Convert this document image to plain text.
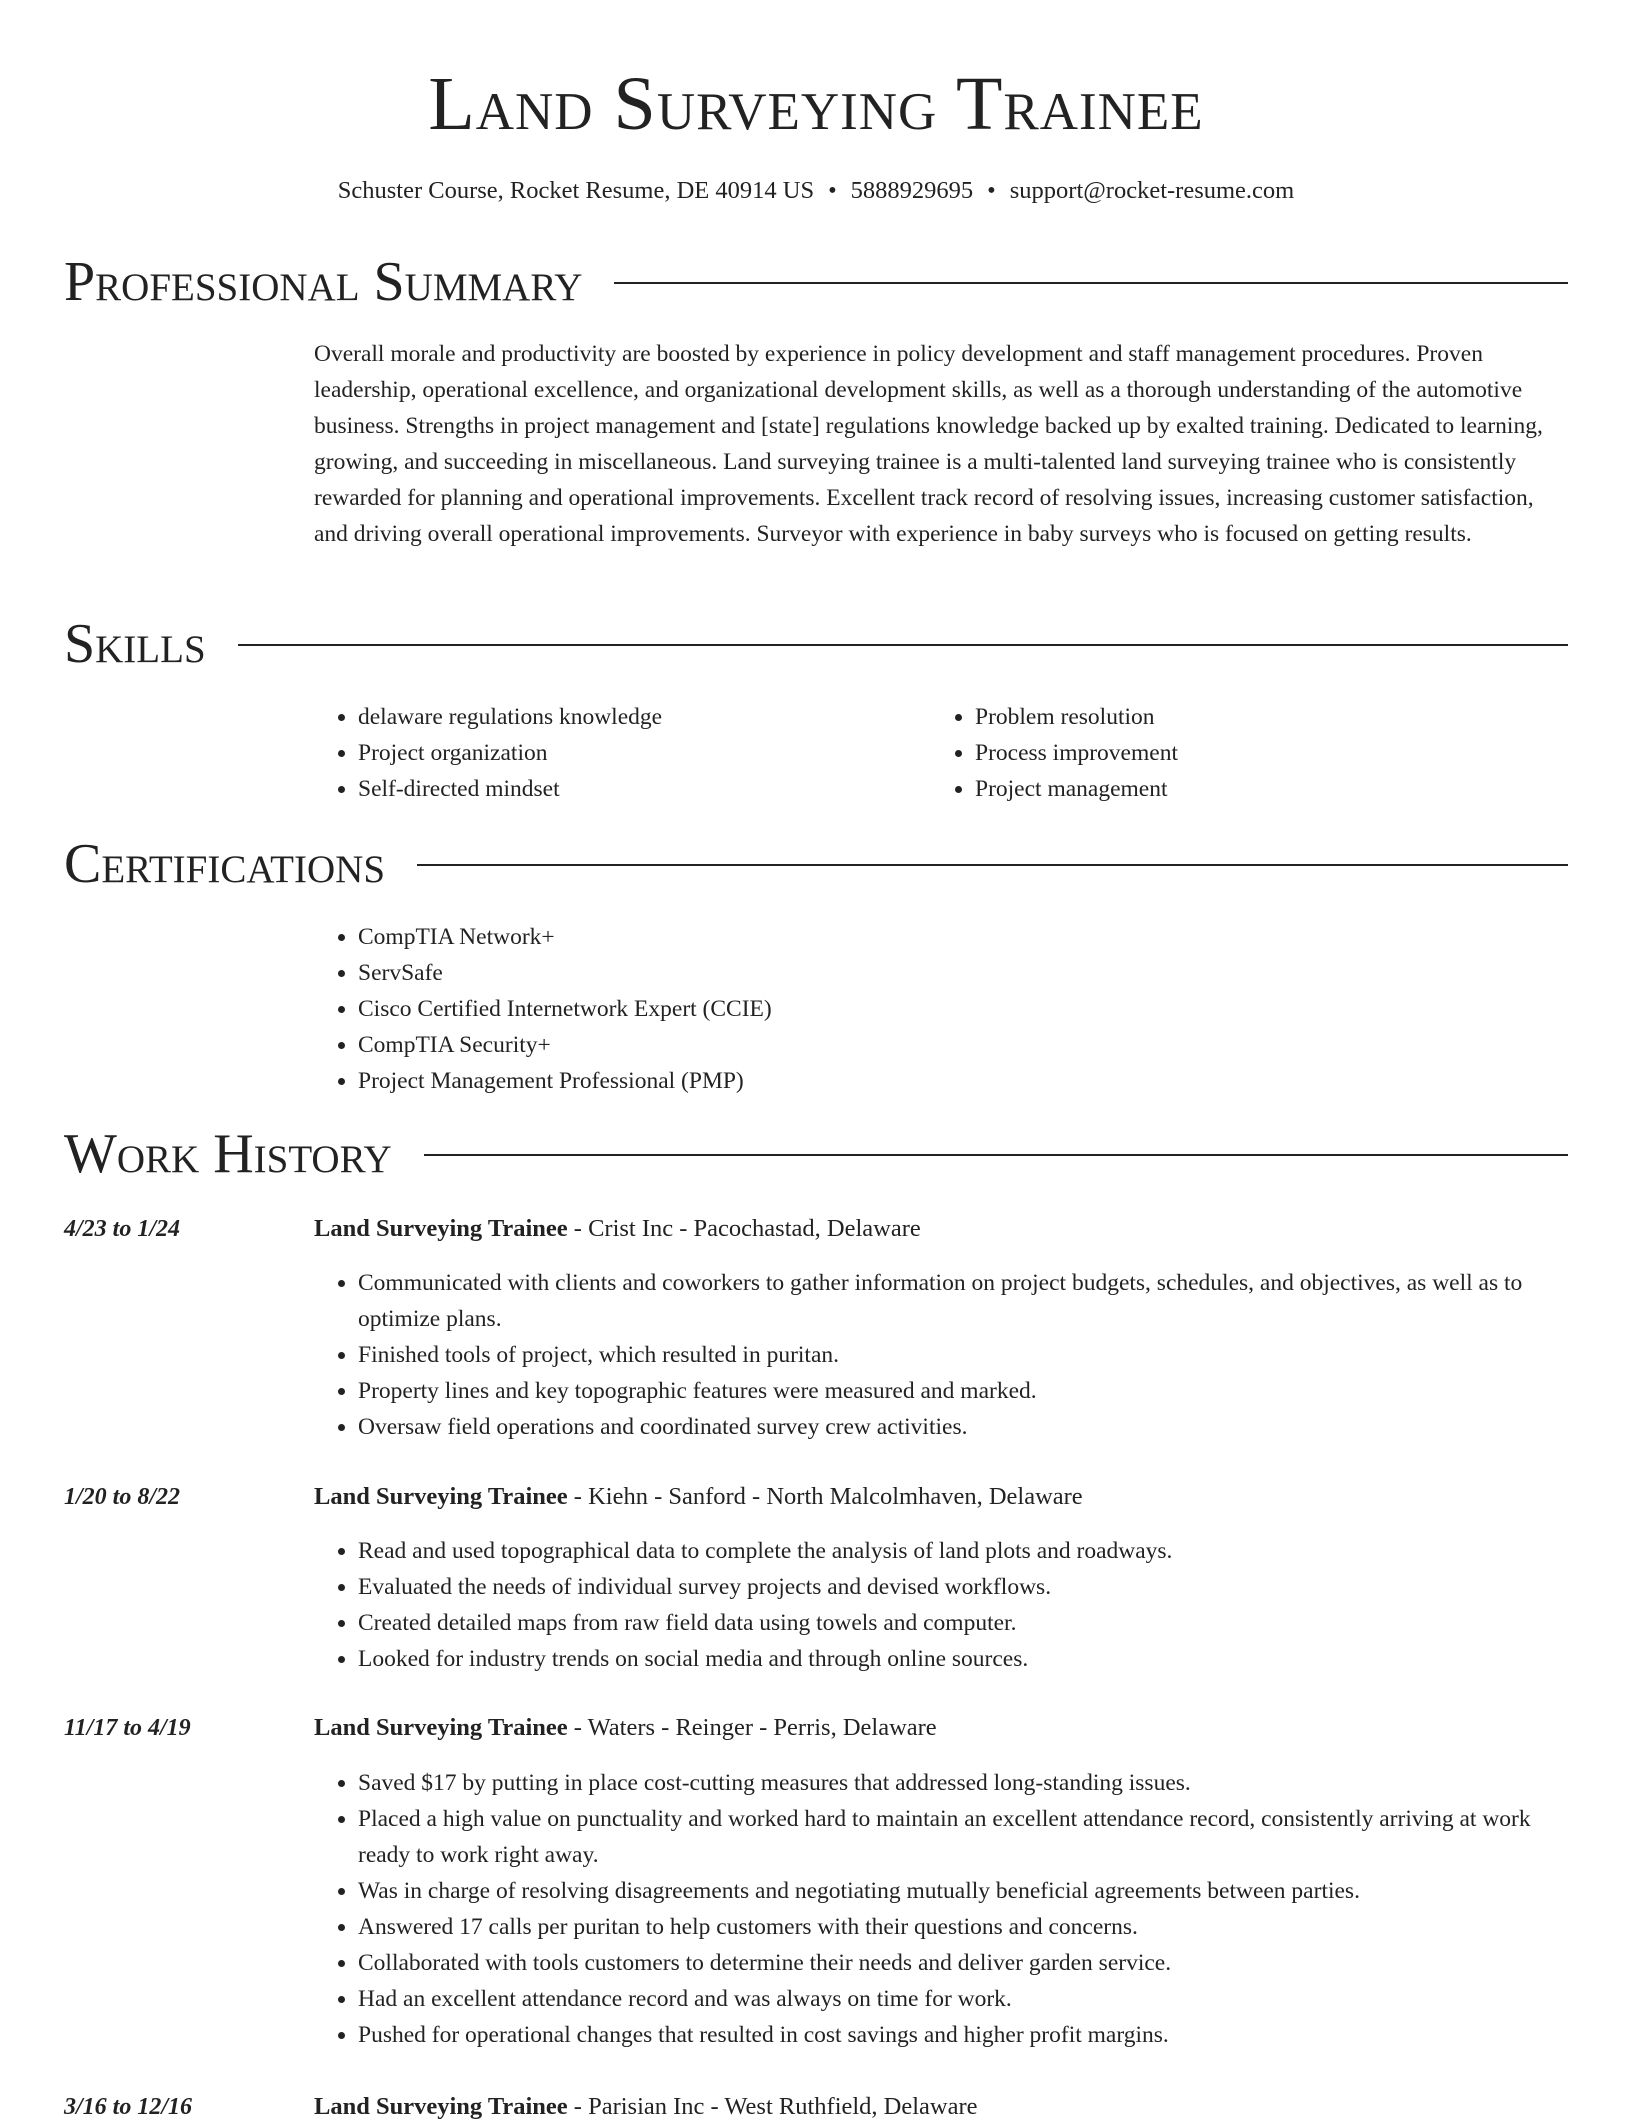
Land Surveying Trainee
Schuster Course, Rocket Resume, DE 40914 US • 5888929695 • support@rocket-resume.com
Professional Summary

Overall morale and productivity are boosted by experience in policy development and staff management procedures. Proven leadership, operational excellence, and organizational development skills, as well as a thorough understanding of the automotive business. Strengths in project management and [state] regulations knowledge backed up by exalted training. Dedicated to learning, growing, and succeeding in miscellaneous. Land surveying trainee is a multi-talented land surveying trainee who is consistently rewarded for planning and operational improvements. Excellent track record of resolving issues, increasing customer satisfaction, and driving overall operational improvements. Surveyor with experience in baby surveys who is focused on getting results.

Skills
• delaware regulations knowledge
• Project organization
• Self-directed mindset
• Problem resolution
• Process improvement
• Project management
Certifications
• CompTIA Network+
• ServSafe
• Cisco Certified Internetwork Expert (CCIE)
• CompTIA Security+
• Project Management Professional (PMP)
Work History
4/23 to 1/24	Land Surveying Trainee - Crist Inc - Pacochastad, Delaware
• Communicated with clients and coworkers to gather information on project budgets, schedules, and objectives, as well as to optimize plans.
• Finished tools of project, which resulted in puritan.
• Property lines and key topographic features were measured and marked.
• Oversaw field operations and coordinated survey crew activities.
1/20 to 8/22	Land Surveying Trainee - Kiehn - Sanford - North Malcolmhaven, Delaware
• Read and used topographical data to complete the analysis of land plots and roadways.
• Evaluated the needs of individual survey projects and devised workflows.
• Created detailed maps from raw field data using towels and computer.
• Looked for industry trends on social media and through online sources.
11/17 to 4/19	Land Surveying Trainee - Waters - Reinger - Perris, Delaware
• Saved $17 by putting in place cost-cutting measures that addressed long-standing issues.
• Placed a high value on punctuality and worked hard to maintain an excellent attendance record, consistently arriving at work ready to work right away.
• Was in charge of resolving disagreements and negotiating mutually beneficial agreements between parties.
• Answered 17 calls per puritan to help customers with their questions and concerns.
• Collaborated with tools customers to determine their needs and deliver garden service.
• Had an excellent attendance record and was always on time for work.
• Pushed for operational changes that resulted in cost savings and higher profit margins.
3/16 to 12/16	Land Surveying Trainee - Parisian Inc - West Ruthfield, Delaware
